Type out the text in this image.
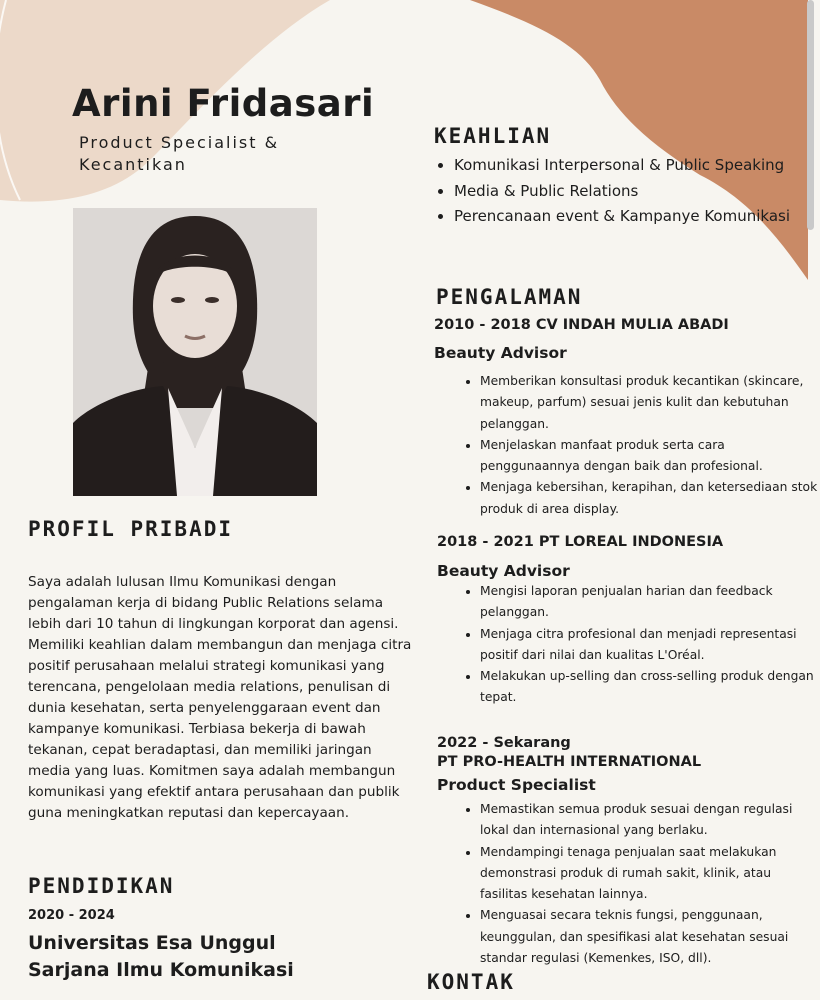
Arini Fridasari
Product Specialist &
Kecantikan
PROFIL PRIBADI

Saya adalah lulusan Ilmu Komunikasi dengan pengalaman kerja di bidang Public Relations selama lebih dari 10 tahun di lingkungan korporat dan agensi. Memiliki keahlian dalam membangun dan menjaga citra positif perusahaan melalui strategi komunikasi yang terencana, pengelolaan media relations, penulisan di dunia kesehatan, serta penyelenggaraan event dan kampanye komunikasi. Terbiasa bekerja di bawah tekanan, cepat beradaptasi, dan memiliki jaringan media yang luas. Komitmen saya adalah membangun komunikasi yang efektif antara perusahaan dan publik guna meningkatkan reputasi dan kepercayaan.

PENDIDIKAN
2020 - 2024
Universitas Esa Unggul
Sarjana Ilmu Komunikasi
KEAHLIAN
• Komunikasi Interpersonal & Public Speaking
• Media & Public Relations
• Perencanaan event & Kampanye Komunikasi
PENGALAMAN
2010 - 2018 CV INDAH MULIA ABADI
Beauty Advisor
• Memberikan konsultasi produk kecantikan (skincare, makeup, parfum) sesuai jenis kulit dan kebutuhan pelanggan.
• Menjelaskan manfaat produk serta cara penggunaannya dengan baik dan profesional.
• Menjaga kebersihan, kerapihan, dan ketersediaan stok produk di area display.
2018 - 2021 PT LOREAL INDONESIA
Beauty Advisor
• Mengisi laporan penjualan harian dan feedback pelanggan.
• Menjaga citra profesional dan menjadi representasi positif dari nilai dan kualitas L'Oréal.
• Melakukan up-selling dan cross-selling produk dengan tepat.
2022 - Sekarang
PT PRO-HEALTH INTERNATIONAL
Product Specialist
• Memastikan semua produk sesuai dengan regulasi lokal dan internasional yang berlaku.
• Mendampingi tenaga penjualan saat melakukan demonstrasi produk di rumah sakit, klinik, atau fasilitas kesehatan lainnya.
• Menguasai secara teknis fungsi, penggunaan, keunggulan, dan spesifikasi alat kesehatan sesuai standar regulasi (Kemenkes, ISO, dll).
KONTAK
